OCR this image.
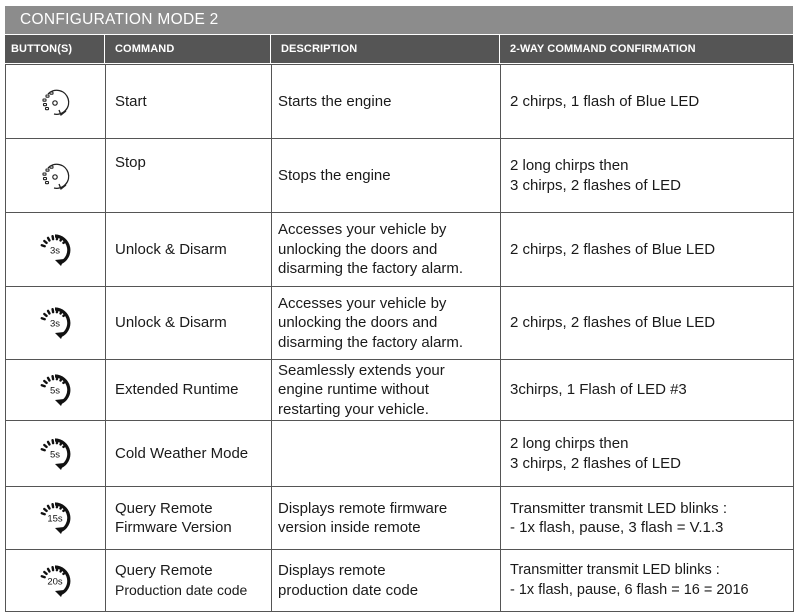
CONFIGURATION MODE 2
BUTTON(S)	COMMAND	DESCRIPTION	2-WAY COMMAND CONFIRMATION

Start	Starts the engine	2 chirps, 1 flash of Blue LED

Stop	Stops the engine	2 long chirps then
3 chirps, 2 flashes of LED

3s	Unlock & Disarm	Accesses your vehicle by
unlocking the doors and
disarming the factory alarm.	2 chirps, 2 flashes of Blue LED

3s	Unlock & Disarm	Accesses your vehicle by
unlocking the doors and
disarming the factory alarm.	2 chirps, 2 flashes of Blue LED

5s	Extended Runtime	Seamlessly extends your
engine runtime without
restarting your vehicle.	3chirps, 1 Flash of LED #3

5s	Cold Weather Mode		2 long chirps then
3 chirps, 2 flashes of LED

15s	Query Remote
Firmware Version	Displays remote firmware
version inside remote	Transmitter transmit LED blinks :
- 1x flash, pause, 3 flash = V.1.3

20s	Query Remote
Production date code	Displays remote
production date code	Transmitter transmit LED blinks :
- 1x flash, pause, 6 flash = 16 = 2016
